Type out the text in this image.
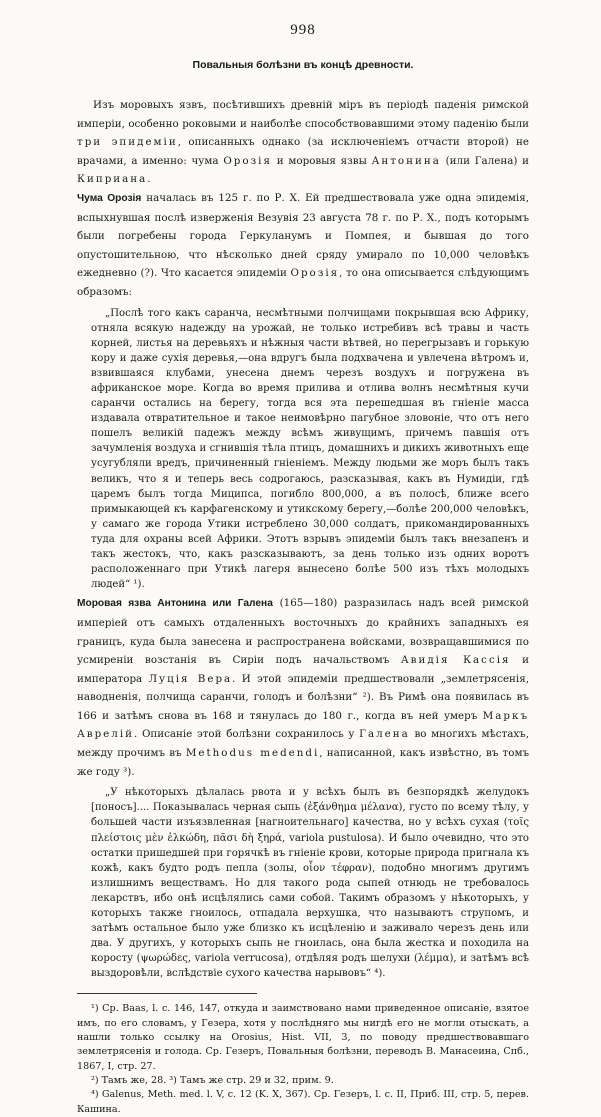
998
Повальныя болѣзни въ концѣ древности.

Изъ моровыхъ язвъ, посѣтившихъ древній міръ въ періодѣ паденія римской имперіи, особенно роковыми и наиболѣе способствовавшими этому паденію были три эпидеміи, описанныхъ однако (за исключеніемъ отчасти второй) не врачами, а именно: чума Орозія и моровыя язвы Антонина (или Галена) и Киприана.

Чума Орозія началась въ 125 г. по Р. Х. Ей предшествовала уже одна эпидемія, вспыхнувшая послѣ изверженія Везувія 23 августа 78 г. по Р. Х., подъ которымъ были погребены города Геркуланумъ и Помпея, и бывшая до того опустошительною, что нѣсколько дней сряду умирало по 10,000 человѣкъ ежедневно (?). Что касается эпидеміи Орозія, то она описывается слѣдующимъ образомъ:

„Послѣ того какъ саранча, несмѣтными полчищами покрывшая всю Африку, отняла всякую надежду на урожай, не только истребивъ всѣ травы и часть корней, листья на деревьяхъ и нѣжныя части вѣтвей, но перегрызавъ и горькую кору и даже сухія деревья,—она вдругъ была подхвачена и увлечена вѣтромъ и, взвившаяся клубами, унесена днемъ черезъ воздухъ и погружена въ африканское море. Когда во время прилива и отлива волнъ несмѣтныя кучи саранчи остались на берегу, тогда вся эта перешедшая въ гніеніе масса издавала отвратительное и такое неимовѣрно пагубное зловоніе, что отъ него пошелъ великій падежъ между всѣмъ живущимъ, причемъ павшія отъ зачумленія воздуха и сгнившія тѣла птицъ, домашнихъ и дикихъ животныхъ еще усугубляли вредъ, причиненный гніеніемъ. Между людьми же моръ былъ такъ великъ, что я и теперь весь содрогаюсь, разсказывая, какъ въ Нумидіи, гдѣ царемъ былъ тогда Миципса, погибло 800,000, а въ полосѣ, ближе всего примыкающей къ карфагенскому и утикскому берегу,—болѣе 200,000 человѣкъ, у самаго же города Утики истреблено 30,000 солдатъ, прикомандированныхъ туда для охраны всей Африки. Этотъ взрывъ эпидеміи былъ такъ внезапенъ и такъ жестокъ, что, какъ разсказываютъ, за день только изъ одних воротъ расположеннаго при Утикѣ лагеря вынесено болѣе 500 изъ тѣхъ молодыхъ людей“ ¹).

Моровая язва Антонина или Галена (165—180) разразилась надъ всей римской имперіей отъ самыхъ отдаленныхъ восточныхъ до крайнихъ западныхъ ея границъ, куда была занесена и распространена войсками, возвращавшимися по усмиреніи возстанія въ Сиріи подъ начальствомъ Авидія Кассія и императора Луція Вера. И этой эпидеміи предшествовали „землетрясенія, наводненія, полчища саранчи, голодъ и болѣзни“ ²). Въ Римѣ она появилась въ 166 и затѣмъ снова въ 168 и тянулась до 180 г., когда въ ней умеръ Маркъ Аврелій. Описаніе этой болѣзни сохранилось у Галена во многихъ мѣстахъ, между прочимъ въ Methodus medendi, написанной, какъ извѣстно, въ томъ же году ³).

„У нѣкоторыхъ дѣлалась рвота и у всѣхъ былъ въ безпорядкѣ желудокъ [поносъ].... Показывалась черная сыпь (ἐξάνθημα μέλανα), густо по всему тѣлу, у большей части изъязвленная [нагноительнаго] качества, но у всѣхъ сухая (τοῖς πλείστοις μὲν ἑλκώδη, πᾶσι δὴ ξηρά, variola pustulosa). И было очевидно, что это остатки пришедшей при горячкѣ въ гніеніе крови, которые природа пригнала къ кожѣ, какъ будто родъ пепла (золы, οἷον τέφραν), подобно многимъ другимъ излишнимъ веществамъ. Но для такого рода сыпей отнюдь не требовалось лекарствъ, ибо онѣ исцѣлялись сами собой. Такимъ образомъ у нѣкоторыхъ, у которыхъ также гноилось, отпадала верхушка, что называютъ струпомъ, и затѣмъ остальное было уже близко къ исцѣленію и заживало черезъ день или два. У другихъ, у которыхъ сыпь не гноилась, она была жестка и походила на коросту (ψωρώδες, variola verrucosa), отдѣляя родъ шелухи (λέμμα), и затѣмъ всѣ выздоровѣли, вслѣдствіе сухого качества нарывовъ“ ⁴).

¹) Ср. Baas, l. c. 146, 147, откуда и заимствовано нами приведенное описаніе, взятое имъ, по его словамъ, у Гезера, хотя у послѣдняго мы нигдѣ его не могли отыскать, а нашли только ссылку на Orosius, Hist. VII, 3, по поводу предшествовавшаго землетрясенія и голода. Ср. Гезеръ, Повальныя болѣзни, переводъ В. Манасеина, Спб., 1867, I, стр. 27.

²) Тамъ же, 28. ³) Тамъ же стр. 29 и 32, прим. 9.

⁴) Galenus, Meth. med. l. V, c. 12 (K. X, 367). Ср. Гезеръ, l. c. II, Приб. III, стр. 5, перев. Кашина.
